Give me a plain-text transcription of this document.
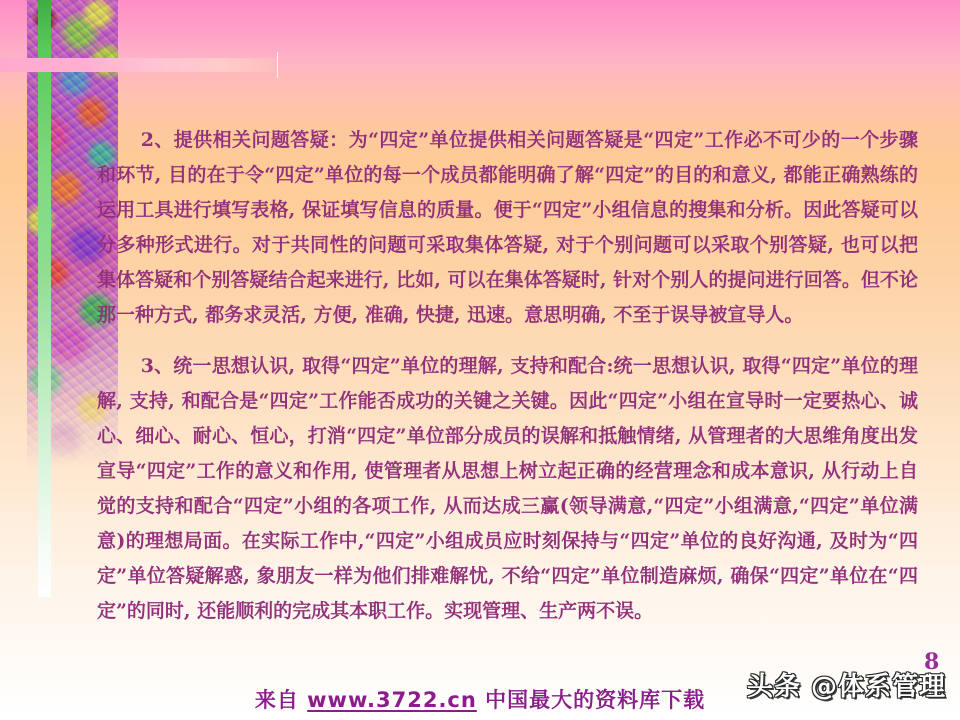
2、提供相关问题答疑：为“四定”单位提供相关问题答疑是“四定”工作必不可少的一个步骤和环节, 目的在于令“四定”单位的每一个成员都能明确了解“四定”的目的和意义, 都能正确熟练的运用工具进行填写表格, 保证填写信息的质量。便于“四定”小组信息的搜集和分析。因此答疑可以分多种形式进行。对于共同性的问题可采取集体答疑, 对于个别问题可以采取个别答疑, 也可以把集体答疑和个别答疑结合起来进行, 比如, 可以在集体答疑时, 针对个别人的提问进行回答。但不论那一种方式, 都务求灵活, 方便, 准确, 快捷, 迅速。意思明确, 不至于误导被宣导人。

3、统一思想认识, 取得“四定”单位的理解, 支持和配合:统一思想认识, 取得“四定”单位的理解, 支持, 和配合是“四定”工作能否成功的关键之关键。因此“四定”小组在宣导时一定要热心、诚心、细心、耐心、恒心，打消“四定”单位部分成员的误解和抵触情绪, 从管理者的大思维角度出发宣导“四定”工作的意义和作用, 使管理者从思想上树立起正确的经营理念和成本意识, 从行动上自觉的支持和配合“四定”小组的各项工作, 从而达成三赢(领导满意,“四定”小组满意,“四定”单位满意)的理想局面。在实际工作中,“四定”小组成员应时刻保持与“四定”单位的良好沟通, 及时为“四定”单位答疑解惑, 象朋友一样为他们排难解忧, 不给“四定”单位制造麻烦, 确保“四定”单位在“四定”的同时, 还能顺利的完成其本职工作。实现管理、生产两不误。

8
头条 @体系管理
来自 www.3722.cn 中国最大的资料库下载
